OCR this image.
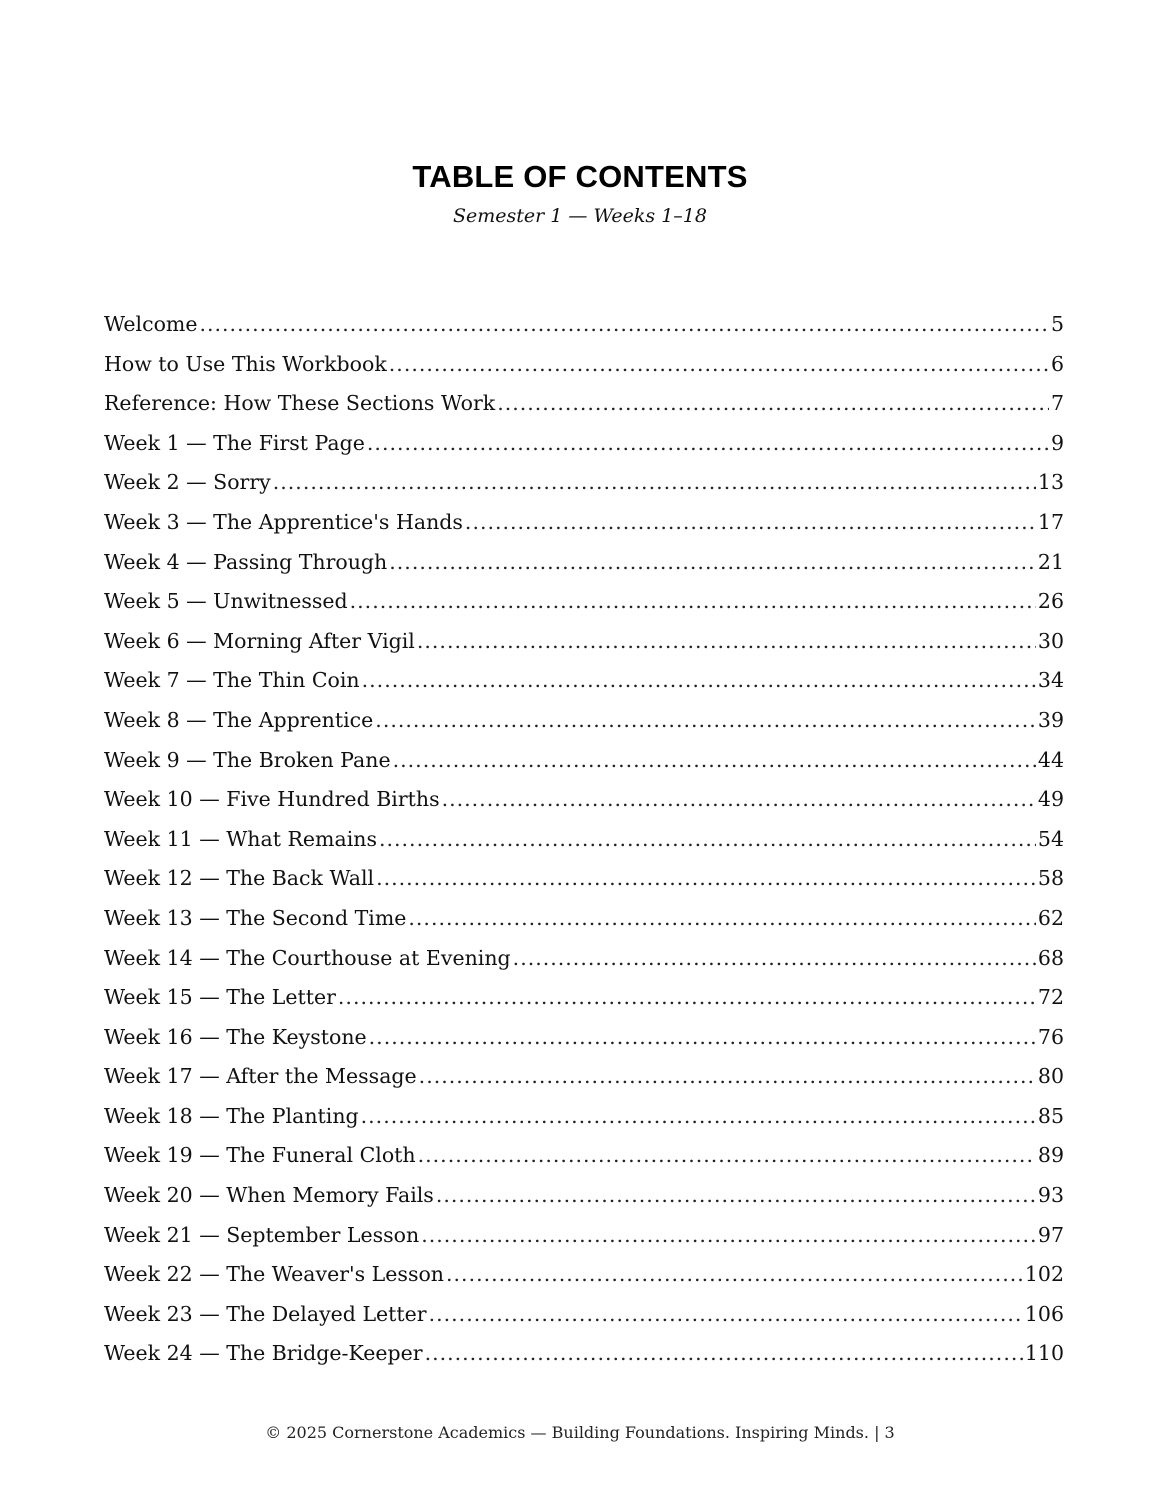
TABLE OF CONTENTS
Semester 1 — Weeks 1–18
Welcome .....	5
How to Use This Workbook .....	6
Reference: How These Sections Work .....	7
Week 1 — The First Page .....	9
Week 2 — Sorry .....	13
Week 3 — The Apprentice's Hands .....	17
Week 4 — Passing Through .....	21
Week 5 — Unwitnessed .....	26
Week 6 — Morning After Vigil .....	30
Week 7 — The Thin Coin .....	34
Week 8 — The Apprentice .....	39
Week 9 — The Broken Pane .....	44
Week 10 — Five Hundred Births .....	49
Week 11 — What Remains .....	54
Week 12 — The Back Wall .....	58
Week 13 — The Second Time .....	62
Week 14 — The Courthouse at Evening .....	68
Week 15 — The Letter .....	72
Week 16 — The Keystone .....	76
Week 17 — After the Message .....	80
Week 18 — The Planting .....	85
Week 19 — The Funeral Cloth .....	89
Week 20 — When Memory Fails .....	93
Week 21 — September Lesson .....	97
Week 22 — The Weaver's Lesson .....	102
Week 23 — The Delayed Letter .....	106
Week 24 — The Bridge-Keeper .....	110
© 2025 Cornerstone Academics — Building Foundations. Inspiring Minds. | 3
